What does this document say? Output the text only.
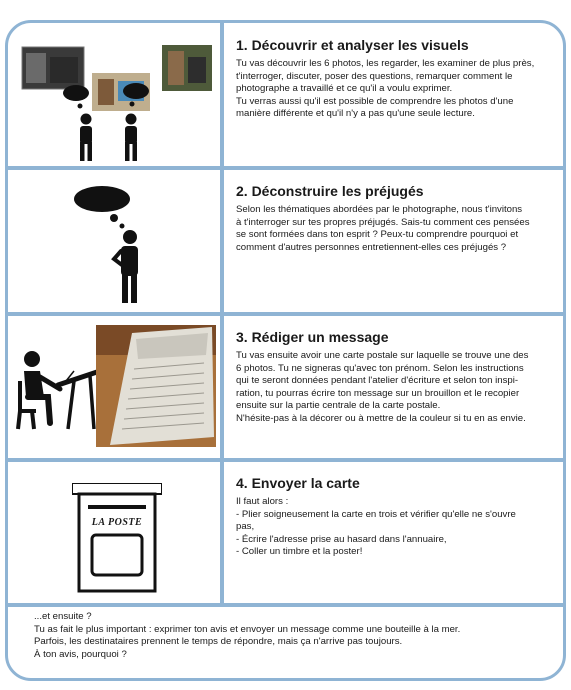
LA POSTE
1. Découvrir et analyser les visuels
Tu vas découvrir les 6 photos, les regarder, les examiner de plus près,
t'interroger, discuter, poser des questions, remarquer comment le
photographe a travaillé et ce qu'il a voulu exprimer.
Tu verras aussi qu'il est possible de comprendre les photos d'une
manière différente et qu'il n'y a pas qu'une seule lecture.
2. Déconstruire les préjugés
Selon les thématiques abordées par le photographe, nous t'invitons
à t'interroger sur tes propres préjugés. Sais-tu comment ces pensées
se sont formées dans ton esprit ? Peux-tu comprendre pourquoi et
comment d'autres personnes entretiennent-elles ces préjugés ?
3. Rédiger un message
Tu vas ensuite avoir une carte postale sur laquelle se trouve une des
6 photos. Tu ne signeras qu'avec ton prénom. Selon les instructions
qui te seront données pendant l'atelier d'écriture et selon ton inspi-
ration, tu pourras écrire ton message sur un brouillon et le recopier
ensuite sur la partie centrale de la carte postale.
N'hésite-pas à la décorer ou à mettre de la couleur si tu en as envie.
4. Envoyer la carte
Il faut alors :
- Plier soigneusement la carte en trois et vérifier qu'elle ne s'ouvre
pas,
- Écrire l'adresse prise au hasard dans l'annuaire,
- Coller un timbre et la poster!
...et ensuite ?
Tu as fait le plus important : exprimer ton avis et envoyer un message comme une bouteille à la mer.
Parfois, les destinataires prennent le temps de répondre, mais ça n'arrive pas toujours.
À ton avis, pourquoi ?
